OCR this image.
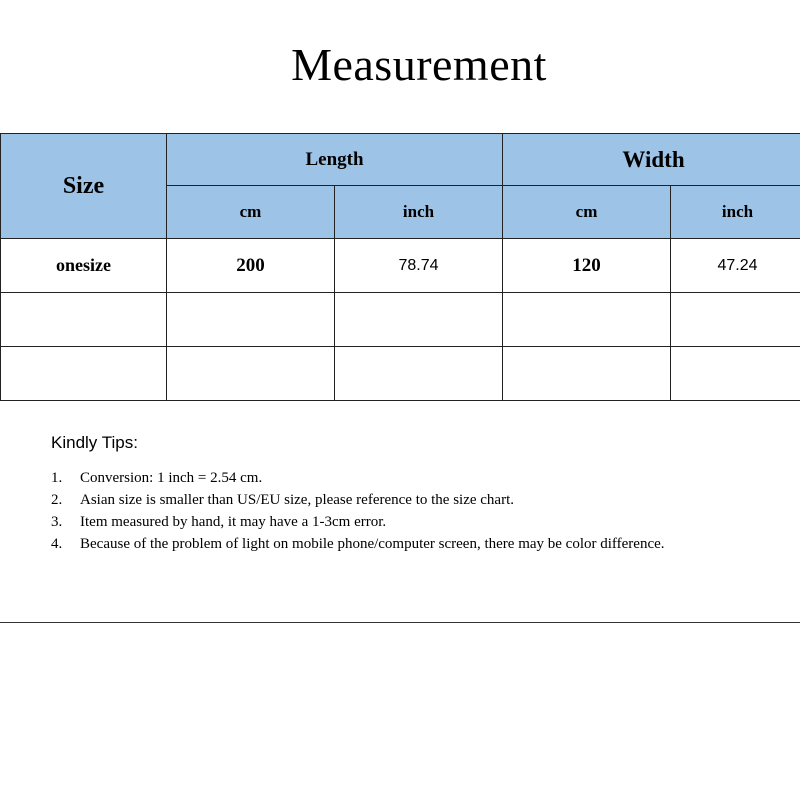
Measurement
Size	Length		Width	
	cm	inch	cm	inch
onesize	200	78.74	120	47.24

Kindly Tips:
1.	Conversion: 1 inch = 2.54 cm.
2.	Asian size is smaller than US/EU size, please reference to the size chart.
3.	Item measured by hand, it may have a 1-3cm error.
4.	Because of the problem of light on mobile phone/computer screen, there may be color difference.
